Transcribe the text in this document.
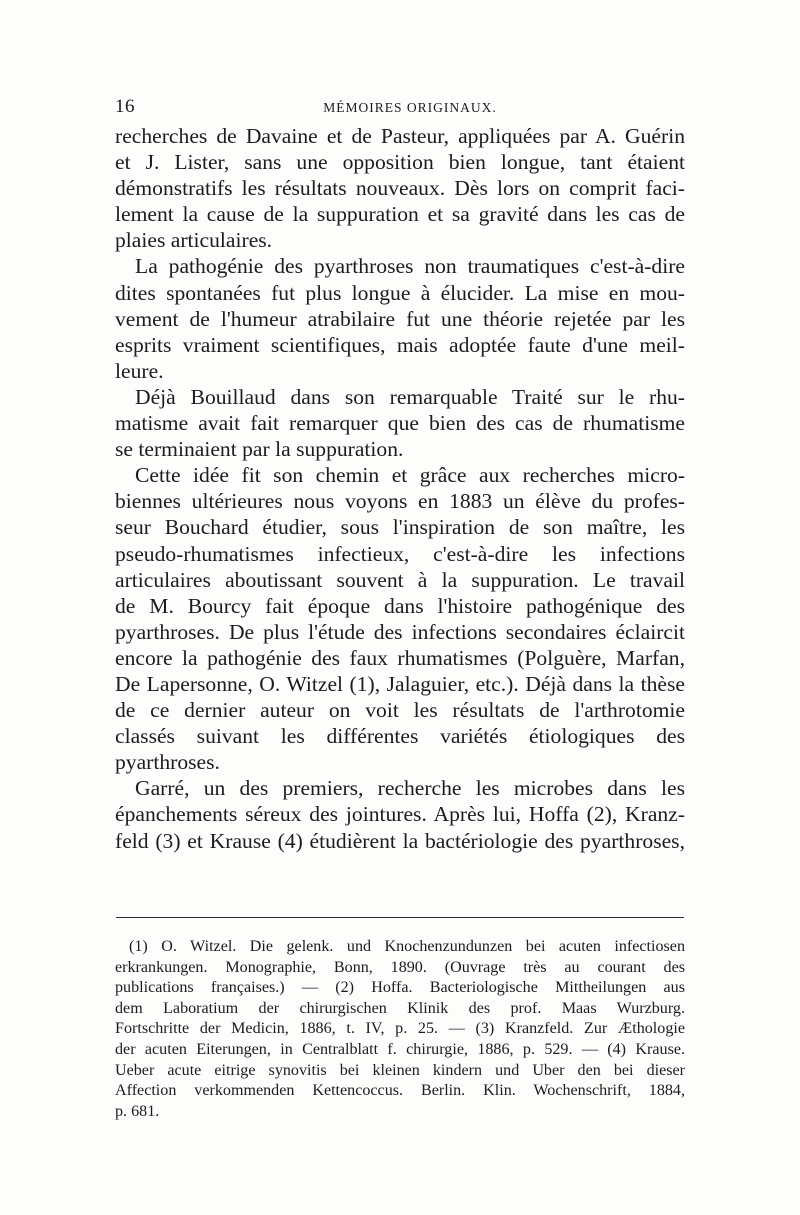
16	MÉMOIRES ORIGINAUX.
recherches de Davaine et de Pasteur, appliquées par A. Guérin
et J. Lister, sans une opposition bien longue, tant étaient
démonstratifs les résultats nouveaux. Dès lors on comprit faci-
lement la cause de la suppuration et sa gravité dans les cas de
plaies articulaires.
La pathogénie des pyarthroses non traumatiques c'est-à-dire
dites spontanées fut plus longue à élucider. La mise en mou-
vement de l'humeur atrabilaire fut une théorie rejetée par les
esprits vraiment scientifiques, mais adoptée faute d'une meil-
leure.
Déjà Bouillaud dans son remarquable Traité sur le rhu-
matisme avait fait remarquer que bien des cas de rhumatisme
se terminaient par la suppuration.
Cette idée fit son chemin et grâce aux recherches micro-
biennes ultérieures nous voyons en 1883 un élève du profes-
seur Bouchard étudier, sous l'inspiration de son maître, les
pseudo-rhumatismes infectieux, c'est-à-dire les infections
articulaires aboutissant souvent à la suppuration. Le travail
de M. Bourcy fait époque dans l'histoire pathogénique des
pyarthroses. De plus l'étude des infections secondaires éclaircit
encore la pathogénie des faux rhumatismes (Polguère, Marfan,
De Lapersonne, O. Witzel (1), Jalaguier, etc.). Déjà dans la thèse
de ce dernier auteur on voit les résultats de l'arthrotomie
classés suivant les différentes variétés étiologiques des
pyarthroses.
Garré, un des premiers, recherche les microbes dans les
épanchements séreux des jointures. Après lui, Hoffa (2), Kranz-
feld (3) et Krause (4) étudièrent la bactériologie des pyarthroses,
(1) O. Witzel. Die gelenk. und Knochenzundunzen bei acuten infectiosen
erkrankungen. Monographie, Bonn, 1890. (Ouvrage très au courant des
publications françaises.) — (2) Hoffa. Bacteriologische Mittheilungen aus
dem Laboratium der chirurgischen Klinik des prof. Maas Wurzburg.
Fortschritte der Medicin, 1886, t. IV, p. 25. — (3) Kranzfeld. Zur Æthologie
der acuten Eiterungen, in Centralblatt f. chirurgie, 1886, p. 529. — (4) Krause.
Ueber acute eitrige synovitis bei kleinen kindern und Uber den bei dieser
Affection verkommenden Kettencoccus. Berlin. Klin. Wochenschrift, 1884,
p. 681.
